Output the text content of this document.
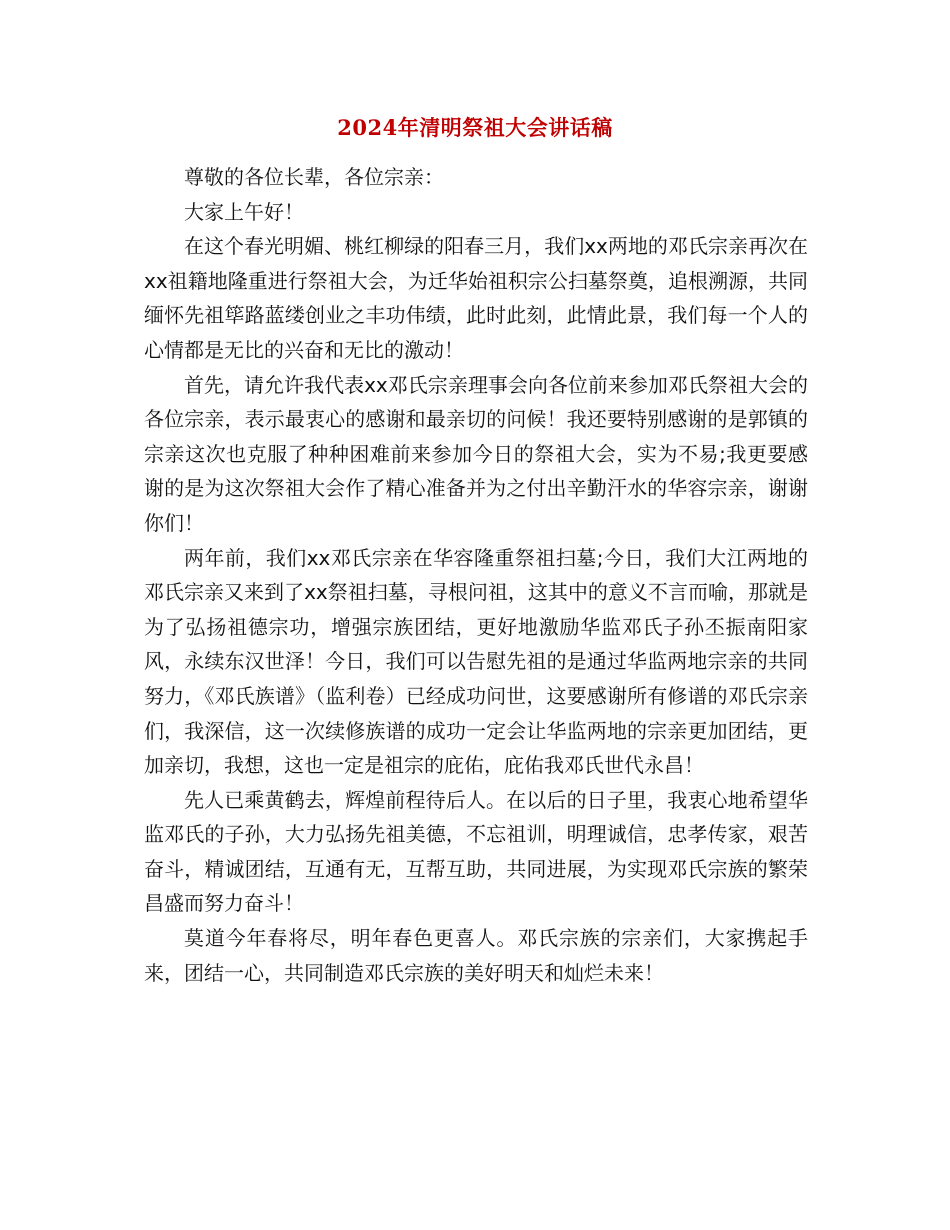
2024年清明祭祖大会讲话稿

尊敬的各位长辈，各位宗亲：

大家上午好！

在这个春光明媚、桃红柳绿的阳春三月，我们xx两地的邓氏宗亲再次在xx祖籍地隆重进行祭祖大会，为迁华始祖积宗公扫墓祭奠，追根溯源，共同缅怀先祖筚路蓝缕创业之丰功伟绩，此时此刻，此情此景，我们每一个人的心情都是无比的兴奋和无比的激动！

首先，请允许我代表xx邓氏宗亲理事会向各位前来参加邓氏祭祖大会的各位宗亲，表示最衷心的感谢和最亲切的问候！我还要特别感谢的是郭镇的宗亲这次也克服了种种困难前来参加今日的祭祖大会，实为不易;我更要感谢的是为这次祭祖大会作了精心准备并为之付出辛勤汗水的华容宗亲，谢谢你们！

两年前，我们xx邓氏宗亲在华容隆重祭祖扫墓;今日，我们大江两地的邓氏宗亲又来到了xx祭祖扫墓，寻根问祖，这其中的意义不言而喻，那就是为了弘扬祖德宗功，增强宗族团结，更好地激励华监邓氏子孙丕振南阳家风，永续东汉世泽！今日，我们可以告慰先祖的是通过华监两地宗亲的共同努力，《邓氏族谱》（监利卷）已经成功问世，这要感谢所有修谱的邓氏宗亲们，我深信，这一次续修族谱的成功一定会让华监两地的宗亲更加团结，更加亲切，我想，这也一定是祖宗的庇佑，庇佑我邓氏世代永昌！

先人已乘黄鹤去，辉煌前程待后人。在以后的日子里，我衷心地希望华监邓氏的子孙，大力弘扬先祖美德，不忘祖训，明理诚信，忠孝传家，艰苦奋斗，精诚团结，互通有无，互帮互助，共同进展，为实现邓氏宗族的繁荣昌盛而努力奋斗！

莫道今年春将尽，明年春色更喜人。邓氏宗族的宗亲们，大家携起手来，团结一心，共同制造邓氏宗族的美好明天和灿烂未来！
